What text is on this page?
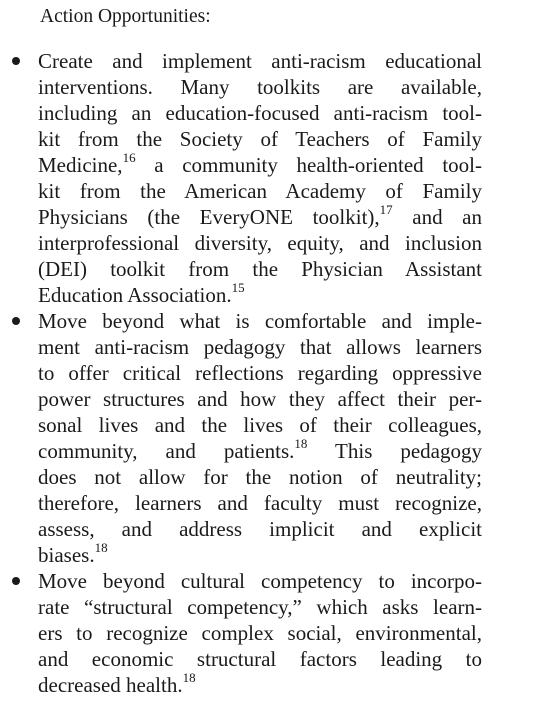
Action Opportunities:
Create and implement anti-racism educational
interventions. Many toolkits are available,
including an education-focused anti-racism tool-
kit from the Society of Teachers of Family
Medicine,$^{16}$ a community health-oriented tool-
kit from the American Academy of Family
Physicians (the EveryONE toolkit),$^{17}$ and an
interprofessional diversity, equity, and inclusion
(DEI) toolkit from the Physician Assistant
Education Association.$^{15}$
Move beyond what is comfortable and imple-
ment anti-racism pedagogy that allows learners
to offer critical reflections regarding oppressive
power structures and how they affect their per-
sonal lives and the lives of their colleagues,
community, and patients.$^{18}$ This pedagogy
does not allow for the notion of neutrality;
therefore, learners and faculty must recognize,
assess, and address implicit and explicit
biases.$^{18}$
Move beyond cultural competency to incorpo-
rate “structural competency,” which asks learn-
ers to recognize complex social, environmental,
and economic structural factors leading to
decreased health.$^{18}$
